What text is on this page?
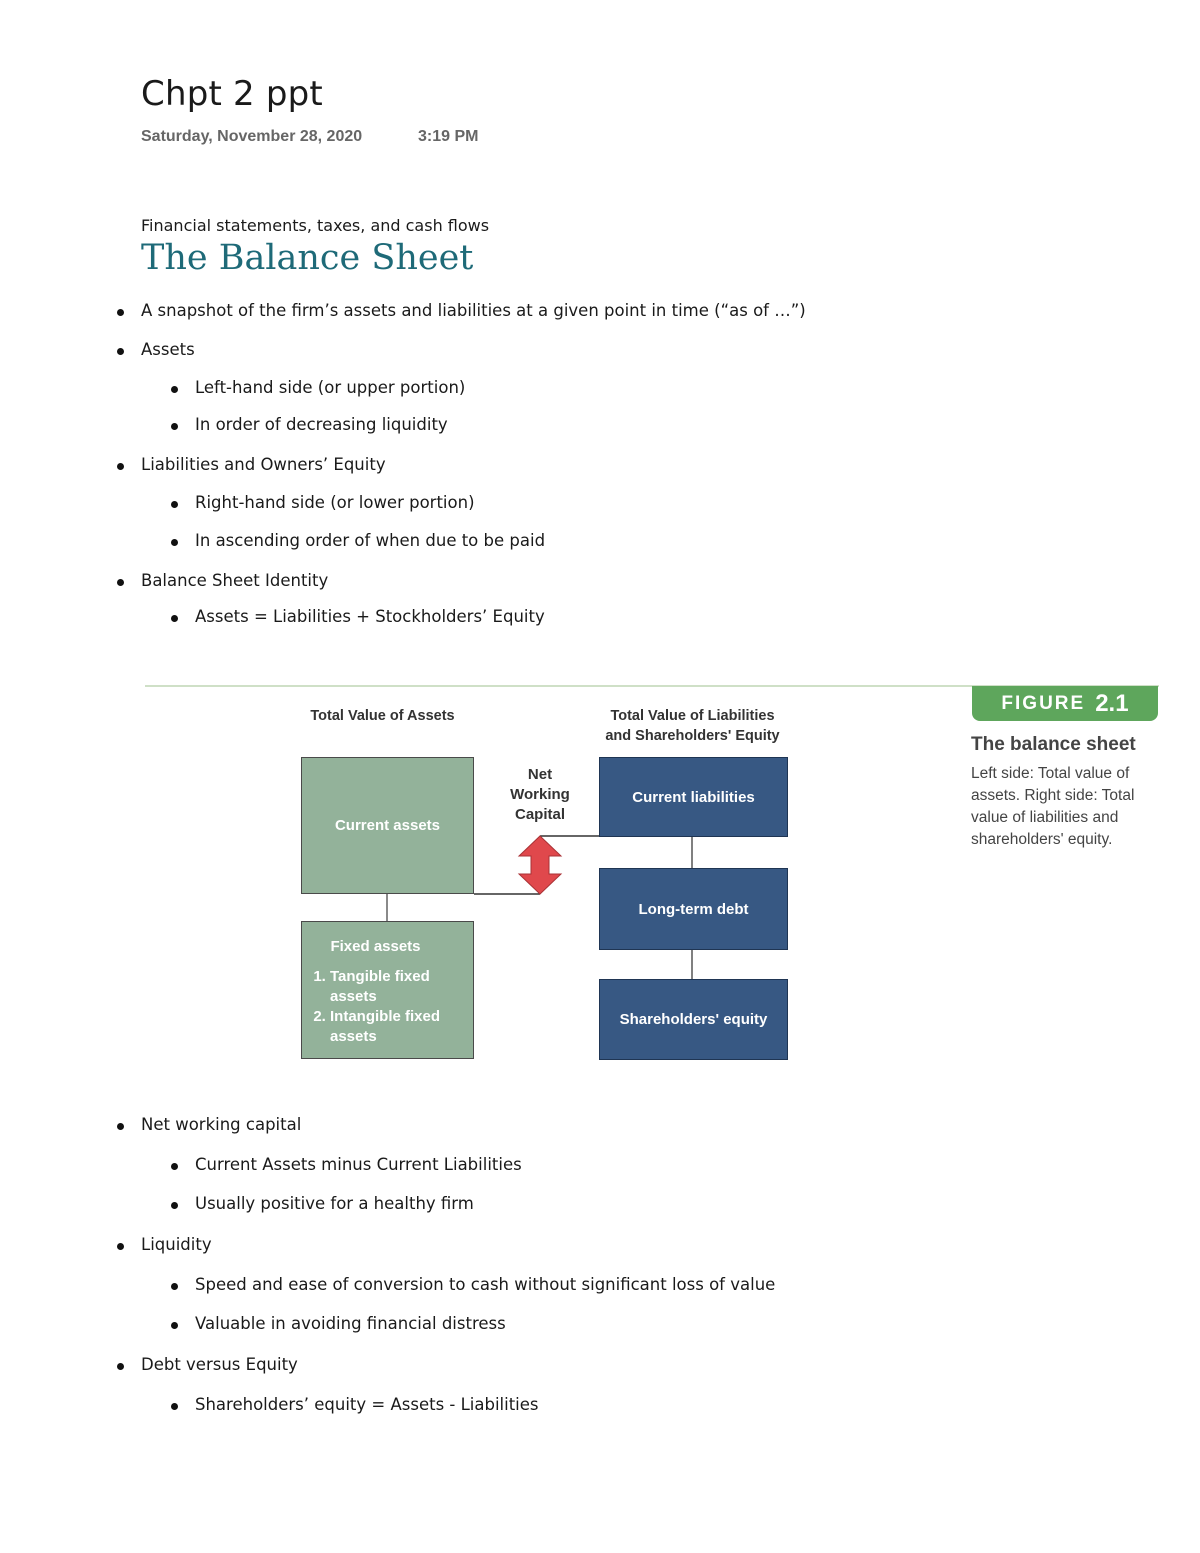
Chpt 2 ppt
Saturday, November 28, 2020	3:19 PM
Financial statements, taxes, and cash flows
The Balance Sheet
A snapshot of the firm’s assets and liabilities at a given point in time (“as of …”)
Assets
Left-hand side (or upper portion)
In order of decreasing liquidity
Liabilities and Owners’ Equity
Right-hand side (or lower portion)
In ascending order of when due to be paid
Balance Sheet Identity
Assets = Liabilities + Stockholders’ Equity
FIGURE 2.1
The balance sheet
Left side: Total value of assets. Right side: Total value of liabilities and shareholders' equity.
Total Value of Assets	Total Value of Liabilities
and Shareholders' Equity
Net
Working
Capital
Current assets
Fixed assets
1. Tangible fixed
assets
2. Intangible fixed
assets
Current liabilities
Long-term debt
Shareholders' equity
Net working capital
Current Assets minus Current Liabilities
Usually positive for a healthy firm
Liquidity
Speed and ease of conversion to cash without significant loss of value
Valuable in avoiding financial distress
Debt versus Equity
Shareholders’ equity = Assets - Liabilities
